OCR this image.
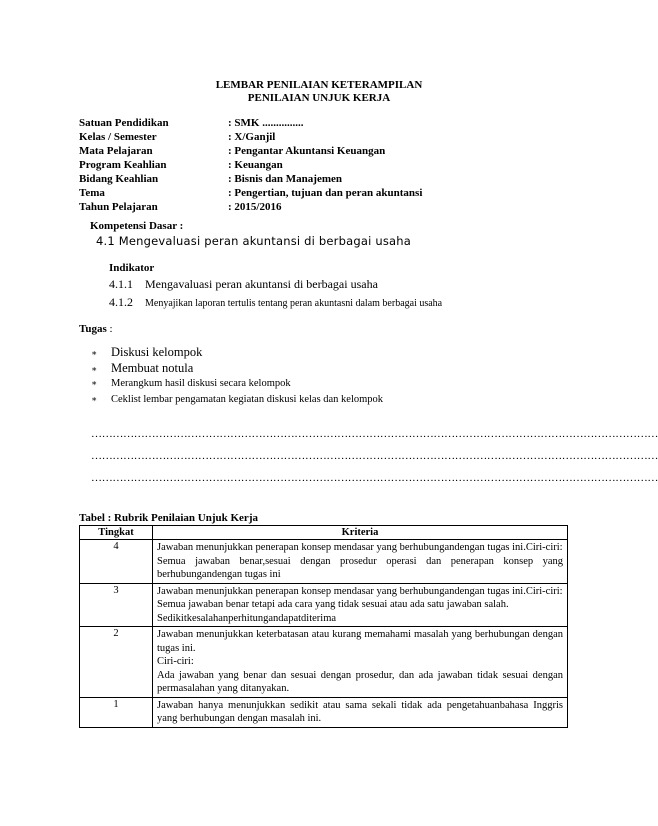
LEMBAR PENILAIAN KETERAMPILAN
PENILAIAN UNJUK KERJA
Satuan Pendidikan	: SMK ...............
Kelas / Semester	: X/Ganjil
Mata Pelajaran	: Pengantar Akuntansi Keuangan
Program Keahlian	: Keuangan
Bidang Keahlian	: Bisnis dan Manajemen
Tema	: Pengertian, tujuan dan peran akuntansi
Tahun Pelajaran	: 2015/2016
Kompetensi Dasar :
4.1 Mengevaluasi peran akuntansi di berbagai usaha
Indikator
4.1.1 Mengavaluasi peran akuntansi di berbagai usaha
4.1.2 Menyajikan laporan tertulis tentang peran akuntasni dalam berbagai usaha
Tugas :
∗ Diskusi kelompok
∗ Membuat notula
∗ Merangkum hasil diskusi secara kelompok
∗ Ceklist lembar pengamatan kegiatan diskusi kelas dan kelompok
……………………………………………………………………………………………………………………………………………
……………………………………………………………………………………………………………………………………………
……………………………………………………………………………………………………………………………………………
Tabel : Rubrik Penilaian Unjuk Kerja
Tingkat	Kriteria
4	Jawaban menunjukkan penerapan konsep mendasar yang berhubungandengan tugas ini.Ciri-ciri:
Semua jawaban benar,sesuai dengan prosedur operasi dan penerapan konsep yang berhubungandengan tugas ini

3	Jawaban menunjukkan penerapan konsep mendasar yang berhubungandengan tugas ini.Ciri-ciri:
Semua jawaban benar tetapi ada cara yang tidak sesuai atau ada satu jawaban salah.
Sedikitkesalahanperhitungandapatditerima

2	Jawaban menunjukkan keterbatasan atau kurang memahami masalah yang berhubungan dengan tugas ini.
Ciri-ciri:
Ada jawaban yang benar dan sesuai dengan prosedur, dan ada jawaban tidak sesuai dengan permasalahan yang ditanyakan.

1	Jawaban hanya menunjukkan sedikit atau sama sekali tidak ada pengetahuanbahasa Inggris yang berhubungan dengan masalah ini.
